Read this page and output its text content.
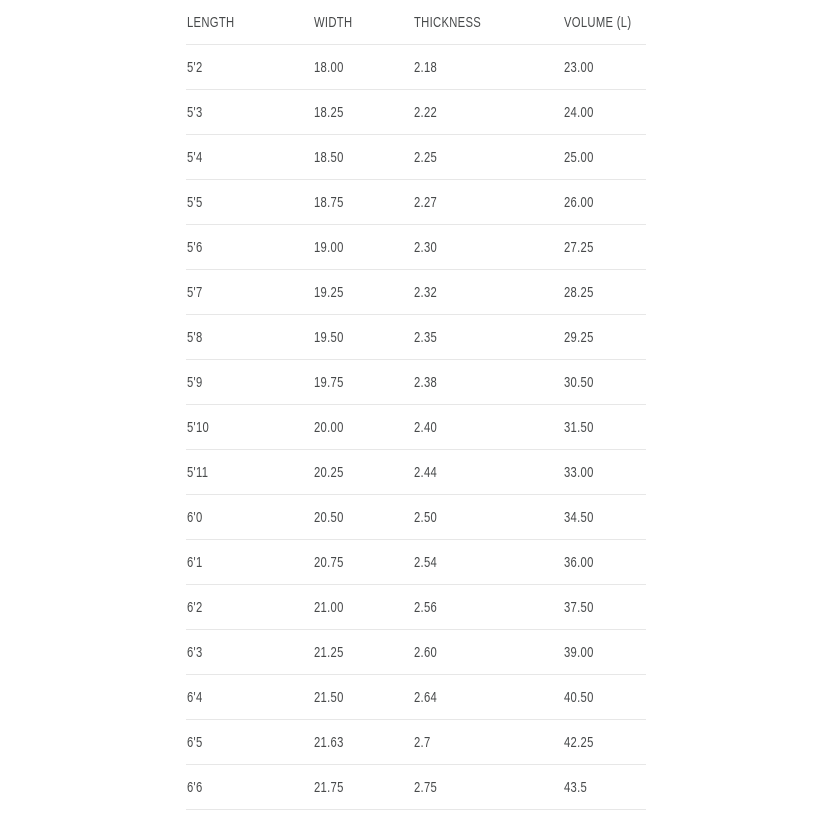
LENGTH	WIDTH	THICKNESS	VOLUME (L)
5'2	18.00	2.18	23.00
5'3	18.25	2.22	24.00
5'4	18.50	2.25	25.00
5'5	18.75	2.27	26.00
5'6	19.00	2.30	27.25
5'7	19.25	2.32	28.25
5'8	19.50	2.35	29.25
5'9	19.75	2.38	30.50
5'10	20.00	2.40	31.50
5'11	20.25	2.44	33.00
6'0	20.50	2.50	34.50
6'1	20.75	2.54	36.00
6'2	21.00	2.56	37.50
6'3	21.25	2.60	39.00
6'4	21.50	2.64	40.50
6'5	21.63	2.7	42.25
6'6	21.75	2.75	43.5
